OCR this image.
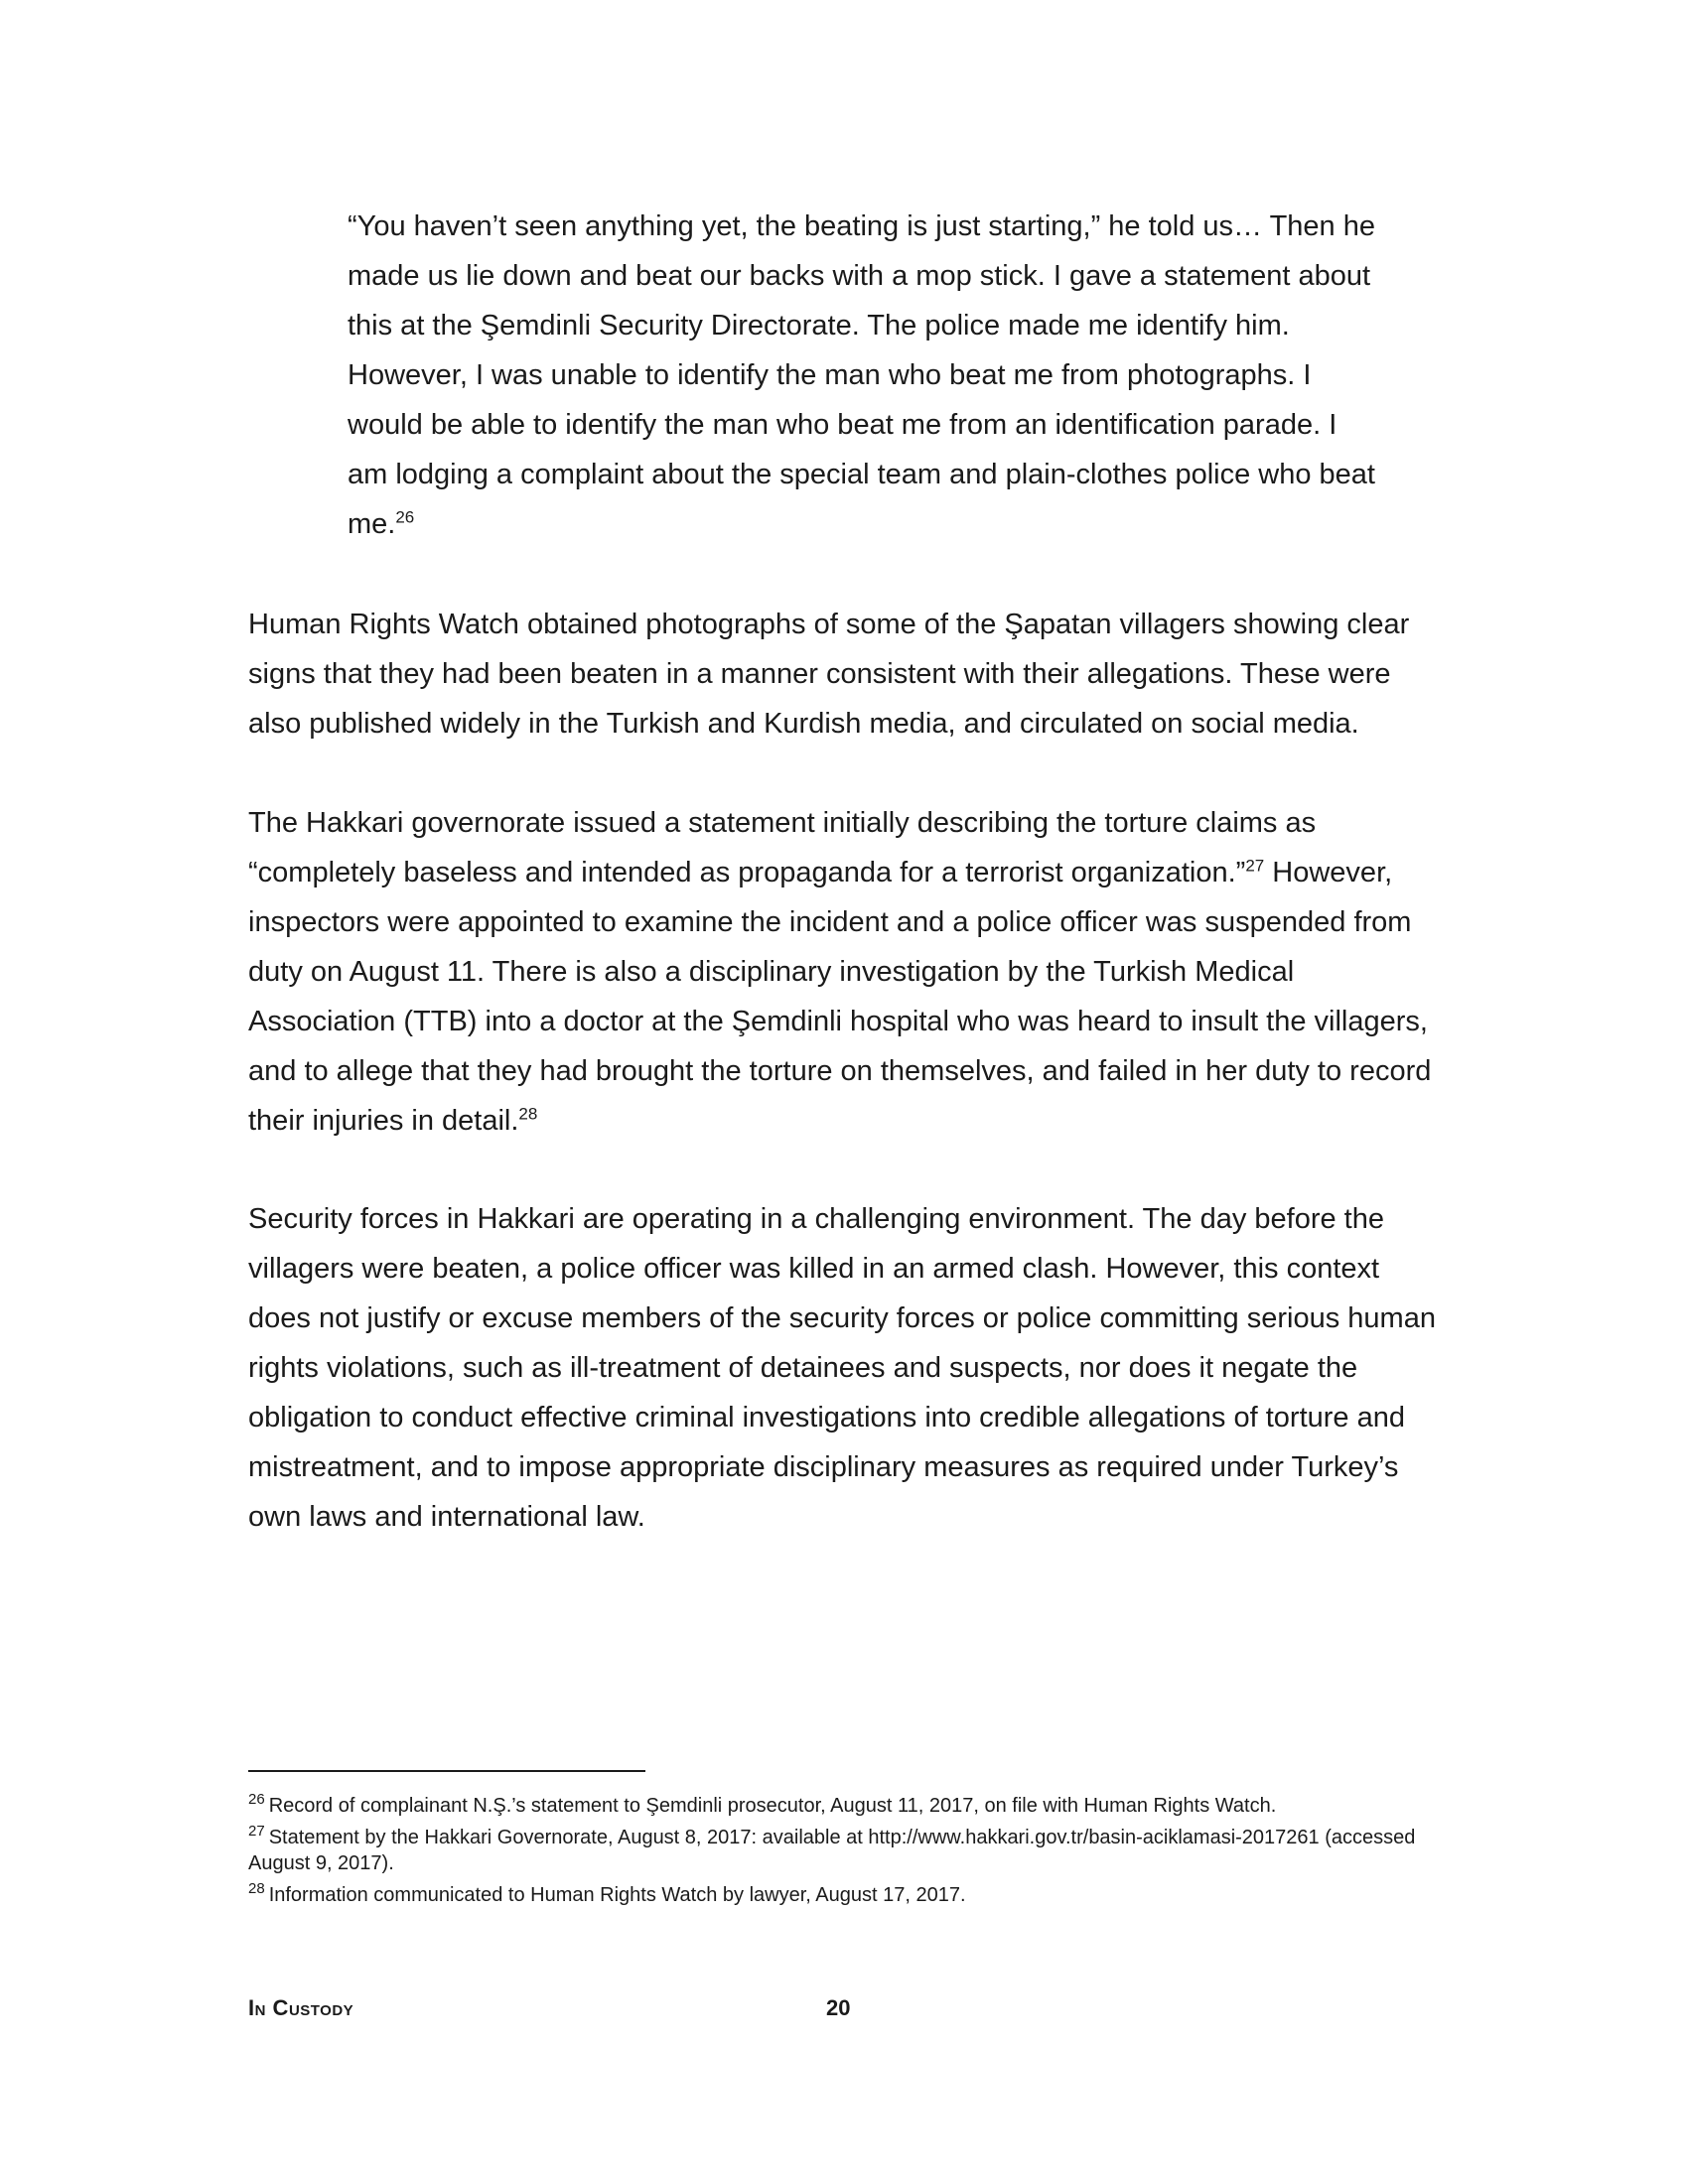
“You haven’t seen anything yet, the beating is just starting,” he told us… Then he made us lie down and beat our backs with a mop stick. I gave a statement about this at the Şemdinli Security Directorate. The police made me identify him. However, I was unable to identify the man who beat me from photographs. I would be able to identify the man who beat me from an identification parade. I am lodging a complaint about the special team and plain-clothes police who beat me.$^{26}$

Human Rights Watch obtained photographs of some of the Şapatan villagers showing clear signs that they had been beaten in a manner consistent with their allegations. These were also published widely in the Turkish and Kurdish media, and circulated on social media.

The Hakkari governorate issued a statement initially describing the torture claims as “completely baseless and intended as propaganda for a terrorist organization.”$^{27}$ However, inspectors were appointed to examine the incident and a police officer was suspended from duty on August 11. There is also a disciplinary investigation by the Turkish Medical Association (TTB) into a doctor at the Şemdinli hospital who was heard to insult the villagers, and to allege that they had brought the torture on themselves, and failed in her duty to record their injuries in detail.$^{28}$

Security forces in Hakkari are operating in a challenging environment. The day before the villagers were beaten, a police officer was killed in an armed clash. However, this context does not justify or excuse members of the security forces or police committing serious human rights violations, such as ill-treatment of detainees and suspects, nor does it negate the obligation to conduct effective criminal investigations into credible allegations of torture and mistreatment, and to impose appropriate disciplinary measures as required under Turkey’s own laws and international law.

$^{26}$ Record of complainant N.Ş.’s statement to Şemdinli prosecutor, August 11, 2017, on file with Human Rights Watch.

$^{27}$ Statement by the Hakkari Governorate, August 8, 2017: available at http://www.hakkari.gov.tr/basin-aciklamasi-2017261 (accessed August 9, 2017).

$^{28}$ Information communicated to Human Rights Watch by lawyer, August 17, 2017.

In Custody	20
